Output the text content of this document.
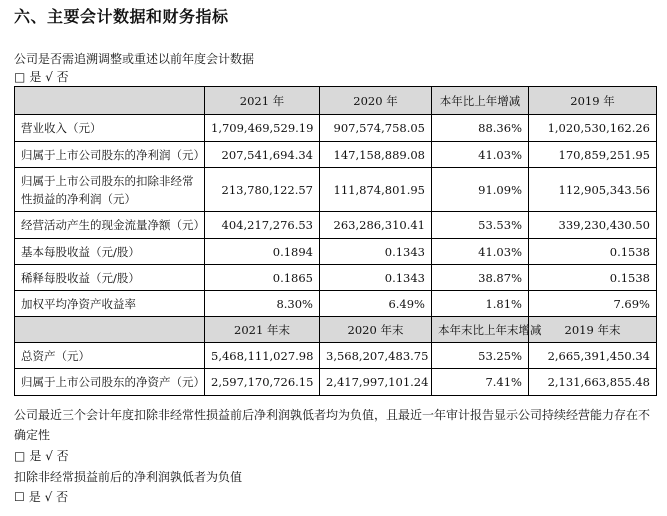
六、主要会计数据和财务指标
公司是否需追溯调整或重述以前年度会计数据
□ 是 √ 否
	2021 年	2020 年	本年比上年增减	2019 年
营业收入（元）	1,709,469,529.19	907,574,758.05	88.36%	1,020,530,162.26
归属于上市公司股东的净利润（元）	207,541,694.34	147,158,889.08	41.03%	170,859,251.95
归属于上市公司股东的扣除非经常性损益的净利润（元）	213,780,122.57	111,874,801.95	91.09%	112,905,343.56
经营活动产生的现金流量净额（元）	404,217,276.53	263,286,310.41	53.53%	339,230,430.50
基本每股收益（元/股）	0.1894	0.1343	41.03%	0.1538
稀释每股收益（元/股）	0.1865	0.1343	38.87%	0.1538
加权平均净资产收益率	8.30%	6.49%	1.81%	7.69%
	2021 年末	2020 年末	本年末比上年末增减	2019 年末
总资产（元）	5,468,111,027.98	3,568,207,483.75	53.25%	2,665,391,450.34
归属于上市公司股东的净资产（元）	2,597,170,726.15	2,417,997,101.24	7.41%	2,131,663,855.48
公司最近三个会计年度扣除非经常性损益前后净利润孰低者均为负值，且最近一年审计报告显示公司持续经营能力存在不
确定性
□ 是 √ 否
扣除非经常损益前后的净利润孰低者为负值
☐ 是 √ 否
